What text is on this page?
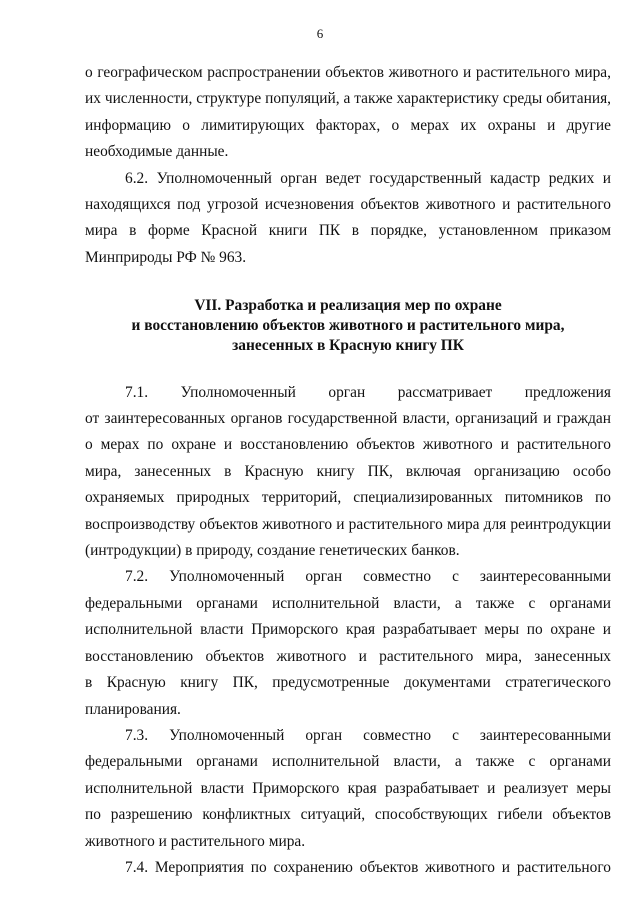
6

о географическом распространении объектов животного и растительного мира,
их численности, структуре популяций, а также характеристику среды обитания,
информацию о лимитирующих факторах, о мерах их охраны и другие
необходимые данные.

6.2. Уполномоченный орган ведет государственный кадастр редких и
находящихся под угрозой исчезновения объектов животного и растительного
мира в форме Красной книги ПК в порядке, установленном приказом
Минприроды РФ № 963.

VII. Разработка и реализация мер по охране
и восстановлению объектов животного и растительного мира,
занесенных в Красную книгу ПК

7.1. Уполномоченный орган рассматривает предложения
от заинтересованных органов государственной власти, организаций и граждан
о мерах по охране и восстановлению объектов животного и растительного
мира, занесенных в Красную книгу ПК, включая организацию особо
охраняемых природных территорий, специализированных питомников по
воспроизводству объектов животного и растительного мира для реинтродукции
(интродукции) в природу, создание генетических банков.

7.2. Уполномоченный орган совместно с заинтересованными
федеральными органами исполнительной власти, а также с органами
исполнительной власти Приморского края разрабатывает меры по охране и
восстановлению объектов животного и растительного мира, занесенных
в Красную книгу ПК, предусмотренные документами стратегического
планирования.

7.3. Уполномоченный орган совместно с заинтересованными
федеральными органами исполнительной власти, а также с органами
исполнительной власти Приморского края разрабатывает и реализует меры
по разрешению конфликтных ситуаций, способствующих гибели объектов
животного и растительного мира.

7.4. Мероприятия по сохранению объектов животного и растительного
